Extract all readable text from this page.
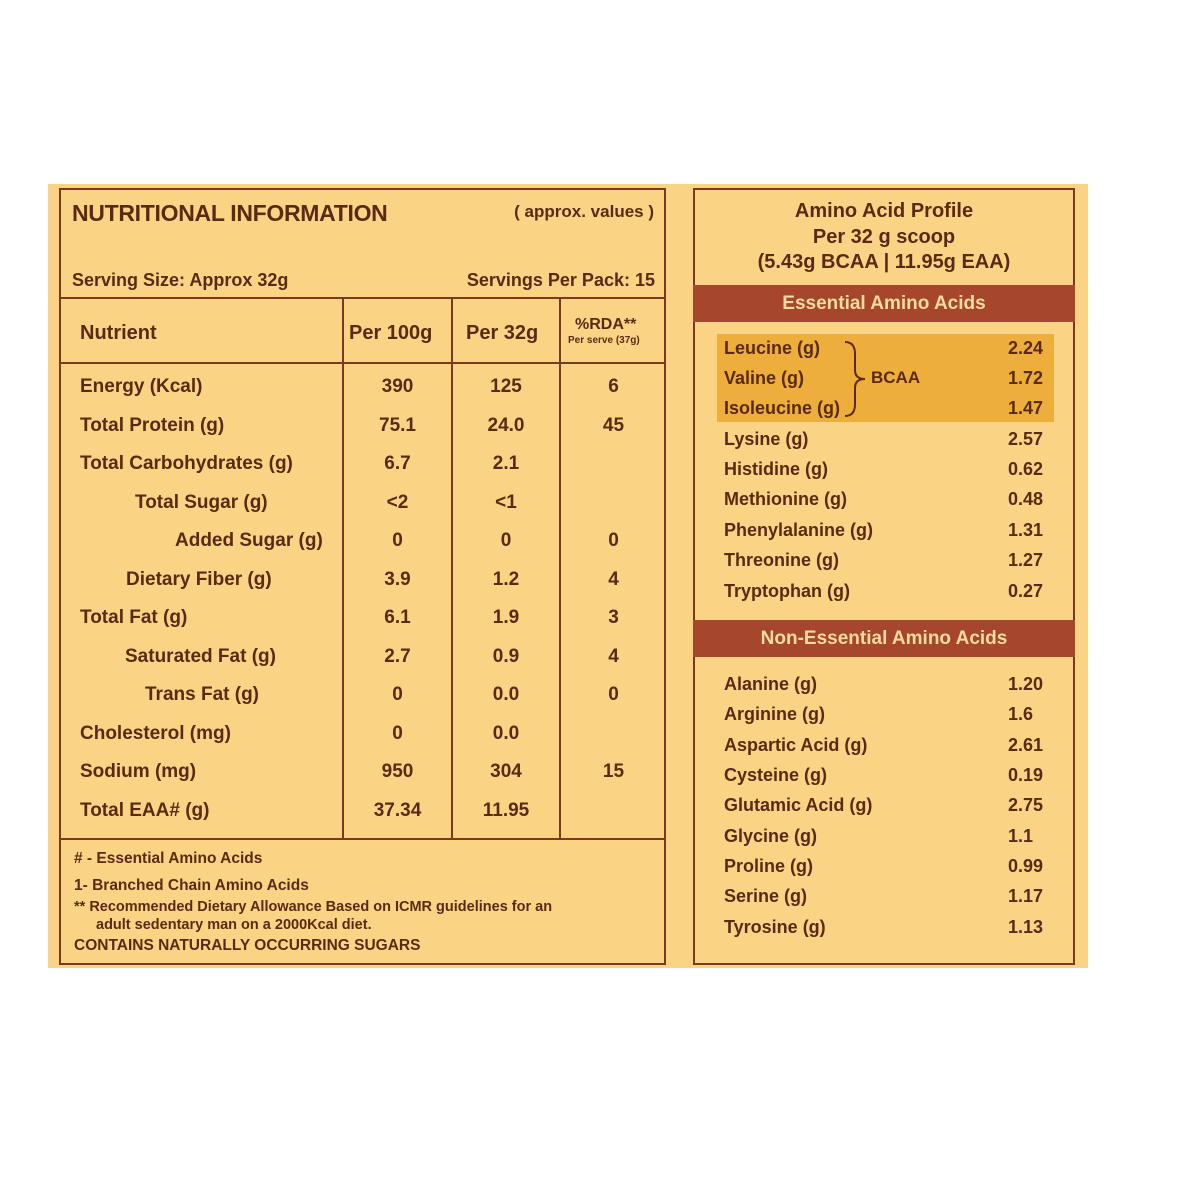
NUTRITIONAL INFORMATION	( approx. values )
Serving Size: Approx 32g	Servings Per Pack: 15
Nutrient	Per 100g Per 32g %RDA**
Per serve (37g)
Energy (Kcal)	390	125	6
Total Protein (g)	75.1	24.0	45
Total Carbohydrates (g)	6.7	2.1
Total Sugar (g)	<2	<1
Added Sugar (g)	0	0	0
Dietary Fiber (g)	3.9	1.2	4
Total Fat (g)	6.1	1.9	3
Saturated Fat (g)	2.7	0.9	4
Trans Fat (g)	0	0.0	0
Cholesterol (mg)	0	0.0
Sodium (mg)	950	304	15
Total EAA# (g)	37.34	11.95
# - Essential Amino Acids
1- Branched Chain Amino Acids
** Recommended Dietary Allowance Based on ICMR guidelines for an
adult sedentary man on a 2000Kcal diet.
CONTAINS NATURALLY OCCURRING SUGARS
Amino Acid Profile
Per 32 g scoop
(5.43g BCAA | 11.95g EAA)
Essential Amino Acids
BCAA
Leucine (g)	2.24
Valine (g)	1.72
Isoleucine (g)	1.47
Lysine (g)	2.57
Histidine (g)	0.62
Methionine (g)	0.48
Phenylalanine (g)	1.31
Threonine (g)	1.27
Tryptophan (g)	0.27
Non-Essential Amino Acids
Alanine (g)	1.20
Arginine (g)	1.6
Aspartic Acid (g)	2.61
Cysteine (g)	0.19
Glutamic Acid (g)	2.75
Glycine (g)	1.1
Proline (g)	0.99
Serine (g)	1.17
Tyrosine (g)	1.13
